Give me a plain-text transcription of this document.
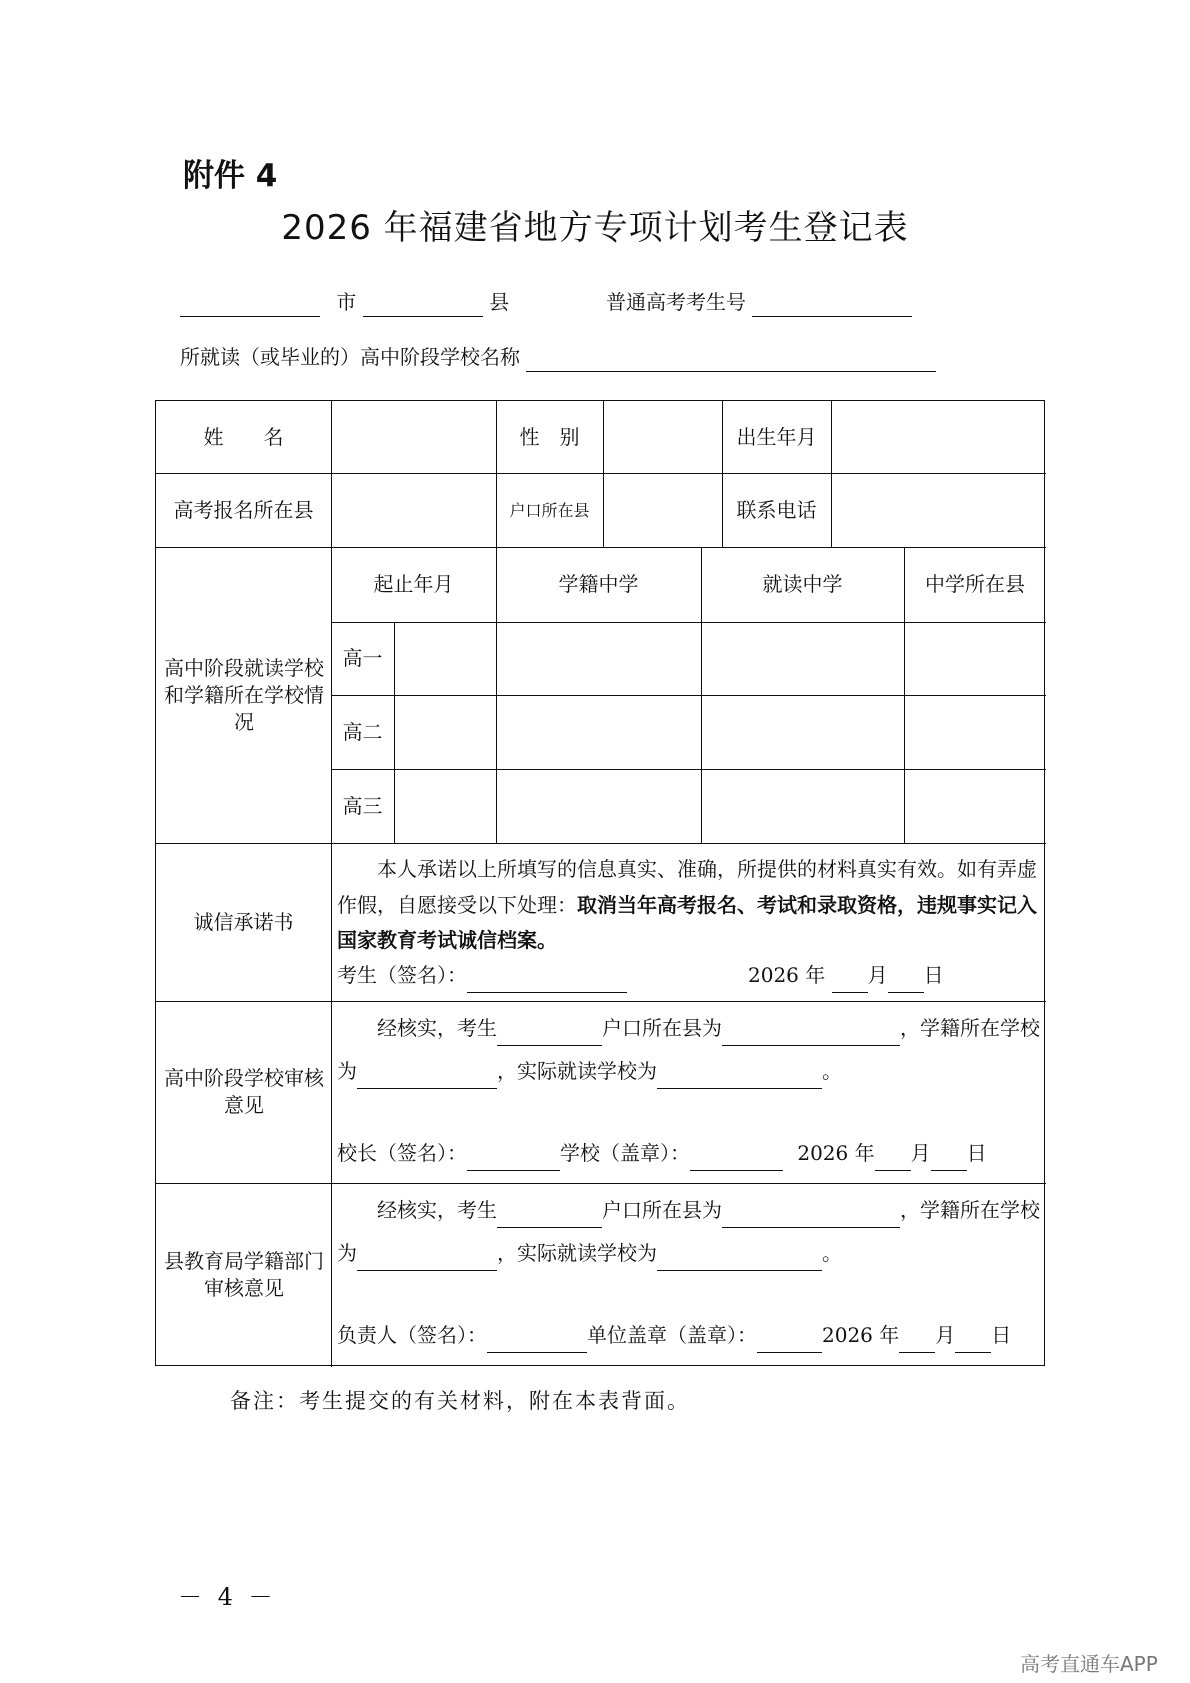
附件 4
2026 年福建省地方专项计划考生登记表
市	县	普通高考考生号
所就读（或毕业的）高中阶段学校名称
姓　　名	性　别	出生年月
高考报名所在县	户口所在县	联系电话
高中阶段就读学校和学籍所在学校情况
起止年月	学籍中学	就读中学	中学所在县
高一
高二
高三
诚信承诺书
本人承诺以上所填写的信息真实、准确，所提供的材料真实有效。如有弄虚
作假，自愿接受以下处理：取消当年高考报名、考试和录取资格，违规事实记入
国家教育考试诚信档案。
考生（签名）：	2026 年 月 日
高中阶段学校审核意见
经核实，考生	户口所在县为	，学籍所在学校
为	，实际就读学校为	。
校长（签名）：	学校（盖章）：	2026 年 月 日
县教育局学籍部门审核意见
经核实，考生	户口所在县为	，学籍所在学校
为	，实际就读学校为	。
负责人（签名）：	单位盖章（盖章）：	2026 年 月 日
备注：考生提交的有关材料，附在本表背面。
－ 4 －
高考直通车APP
